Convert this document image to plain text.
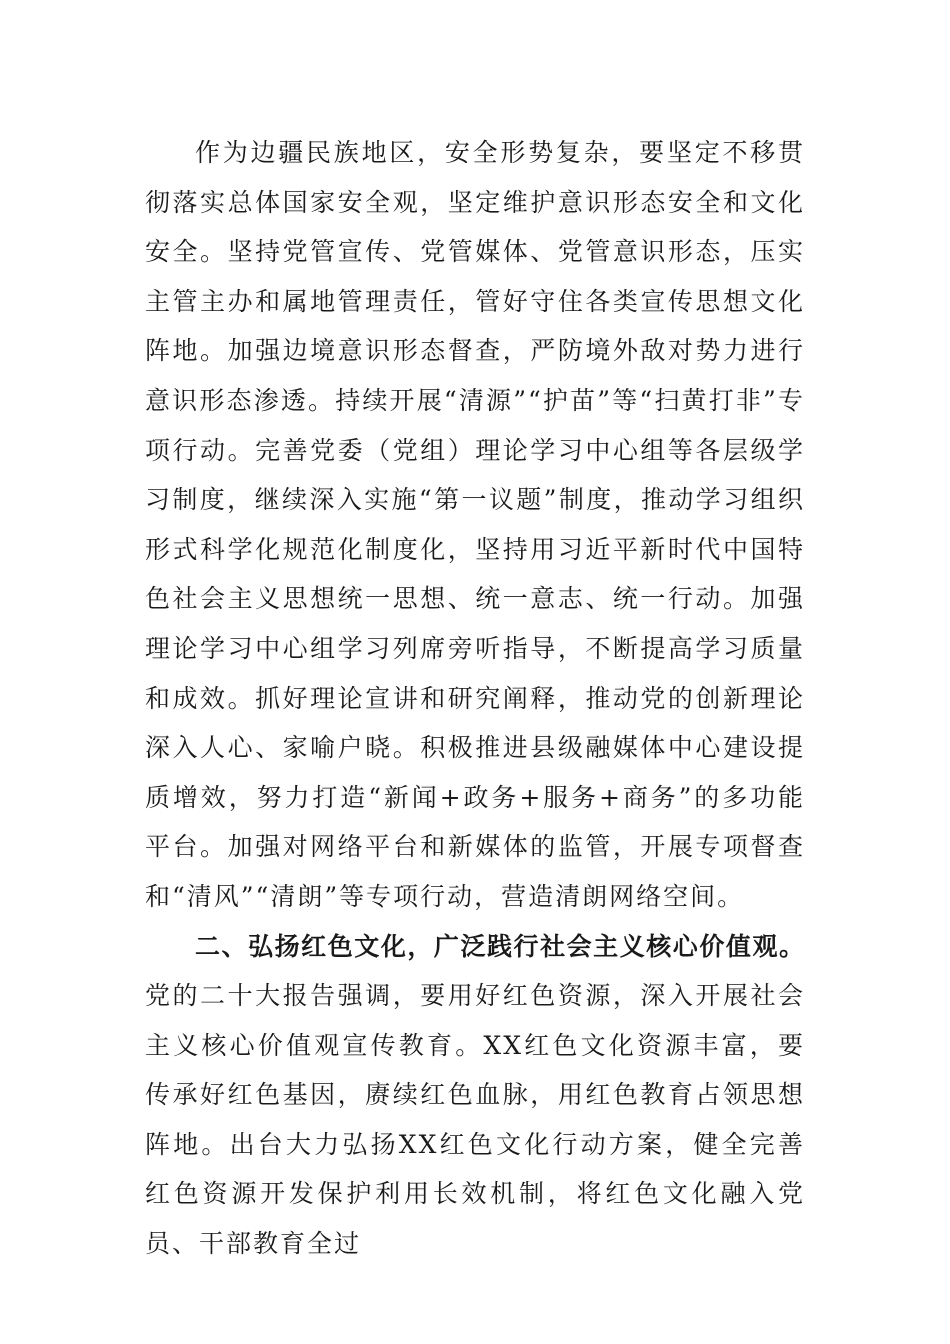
作为边疆民族地区，安全形势复杂，要坚定不移贯彻落实总体国家安全观，坚定维护意识形态安全和文化安全。坚持党管宣传、党管媒体、党管意识形态，压实主管主办和属地管理责任，管好守住各类宣传思想文化阵地。加强边境意识形态督查，严防境外敌对势力进行意识形态渗透。持续开展“清源”“护苗”等“扫黄打非”专项行动。完善党委（党组）理论学习中心组等各层级学习制度，继续深入实施“第一议题”制度，推动学习组织形式科学化规范化制度化，坚持用习近平新时代中国特色社会主义思想统一思想、统一意志、统一行动。加强理论学习中心组学习列席旁听指导，不断提高学习质量和成效。抓好理论宣讲和研究阐释，推动党的创新理论深入人心、家喻户晓。积极推进县级融媒体中心建设提质增效，努力打造“新闻+政务+服务+商务”的多功能平台。加强对网络平台和新媒体的监管，开展专项督查和“清风”“清朗”等专项行动，营造清朗网络空间。

二、弘扬红色文化，广泛践行社会主义核心价值观。党的二十大报告强调，要用好红色资源，深入开展社会主义核心价值观宣传教育。XX红色文化资源丰富，要传承好红色基因，赓续红色血脉，用红色教育占领思想阵地。出台大力弘扬XX红色文化行动方案，健全完善红色资源开发保护利用长效机制，将红色文化融入党员、干部教育全过
